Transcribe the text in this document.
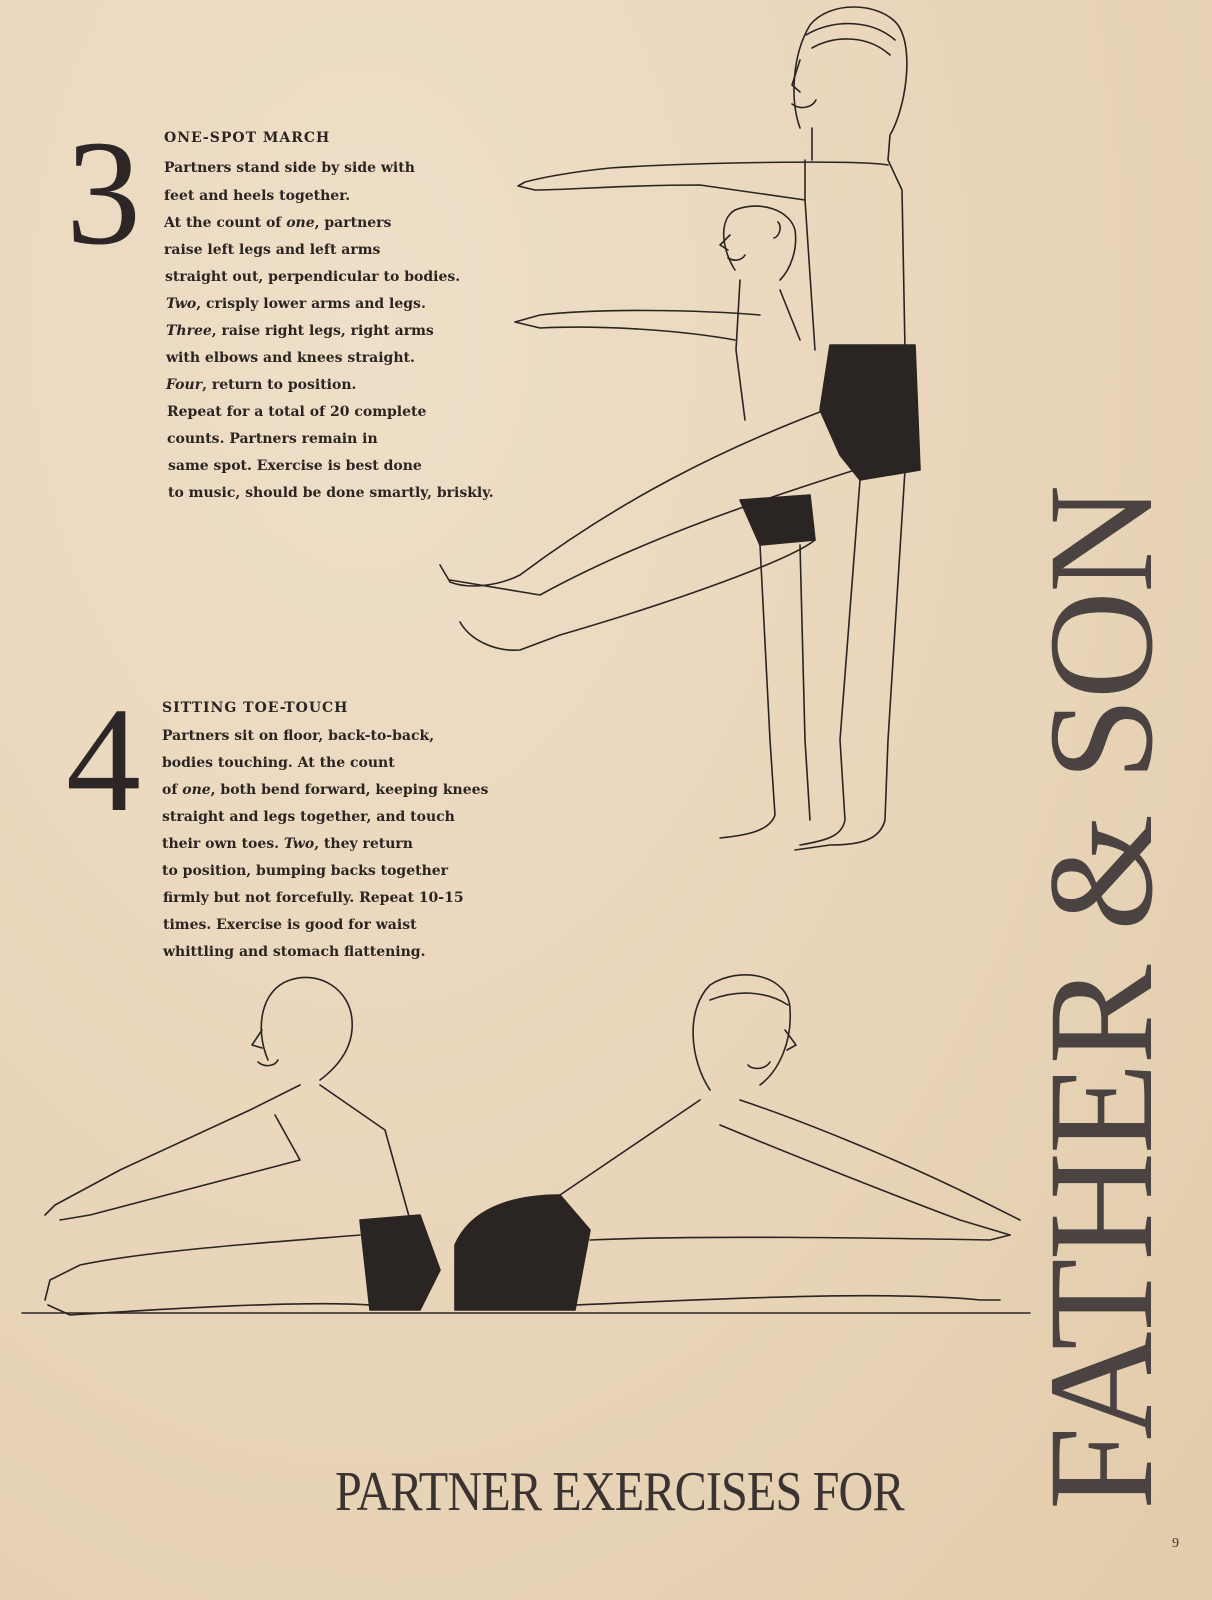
3 ONE-SPOT MARCH
Partners stand side by side with
feet and heels together.
At the count of one, partners
raise left legs and left arms
straight out, perpendicular to bodies.
Two, crisply lower arms and legs.
Three, raise right legs, right arms
with elbows and knees straight.
Four, return to position.
Repeat for a total of 20 complete
counts. Partners remain in
same spot. Exercise is best done
to music, should be done smartly, briskly.
4 SITTING TOE-TOUCH
Partners sit on floor, back-to-back,
bodies touching. At the count
of one, both bend forward, keeping knees
straight and legs together, and touch
their own toes. Two, they return
to position, bumping backs together
firmly but not forcefully. Repeat 10-15
times. Exercise is good for waist
whittling and stomach flattening.
PARTNER EXERCISES FOR FATHER & SON
9
